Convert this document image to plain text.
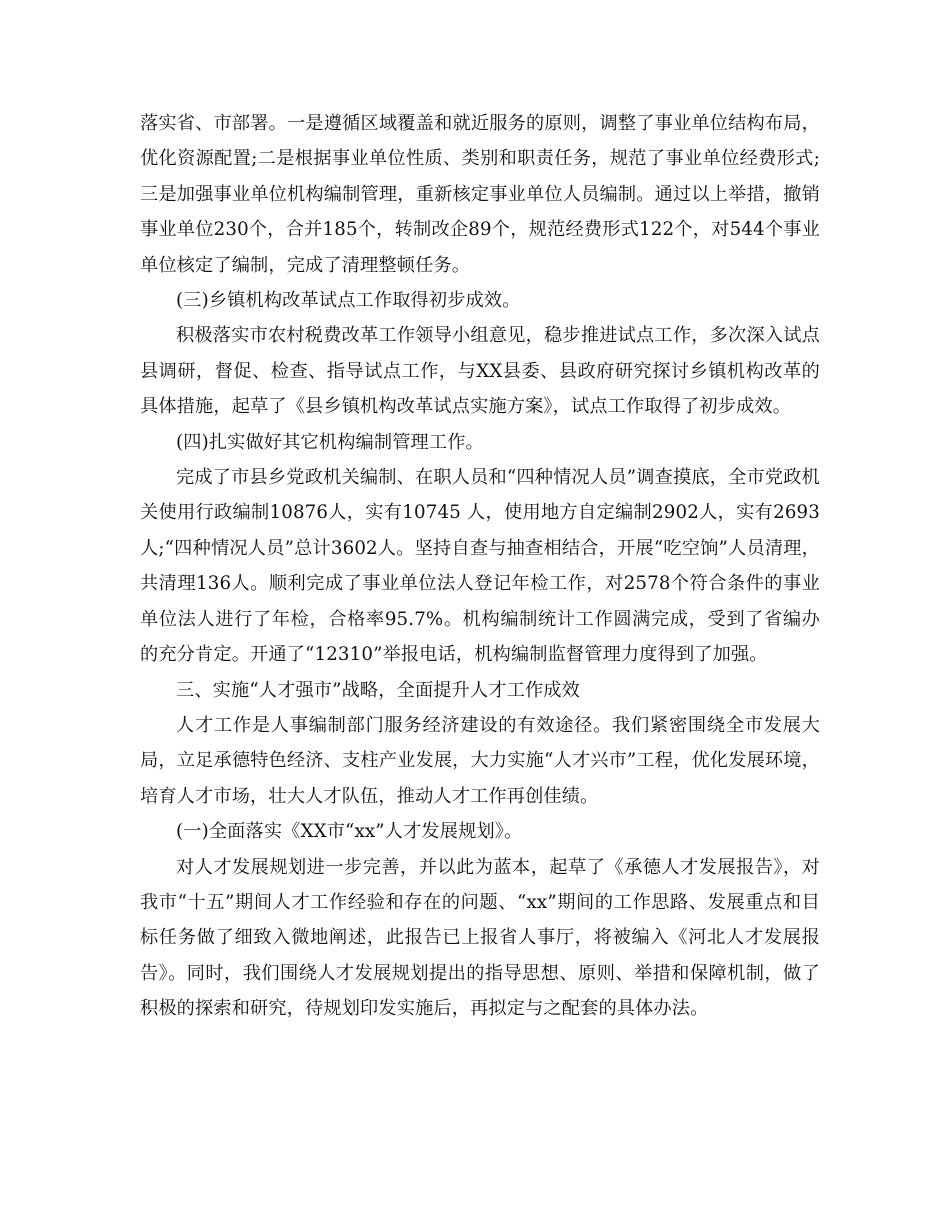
落实省、市部署。一是遵循区域覆盖和就近服务的原则，调整了事业单位结构布局，优化资源配置;二是根据事业单位性质、类别和职责任务，规范了事业单位经费形式;三是加强事业单位机构编制管理，重新核定事业单位人员编制。通过以上举措，撤销事业单位230个，合并185个，转制改企89个，规范经费形式122个，对544个事业单位核定了编制，完成了清理整顿任务。

(三)乡镇机构改革试点工作取得初步成效。

积极落实市农村税费改革工作领导小组意见，稳步推进试点工作，多次深入试点县调研，督促、检查、指导试点工作，与XX县委、县政府研究探讨乡镇机构改革的具体措施，起草了《县乡镇机构改革试点实施方案》，试点工作取得了初步成效。

(四)扎实做好其它机构编制管理工作。

完成了市县乡党政机关编制、在职人员和“四种情况人员”调查摸底，全市党政机关使用行政编制10876人，实有10745 人，使用地方自定编制2902人，实有2693人;“四种情况人员”总计3602人。坚持自查与抽查相结合，开展“吃空饷”人员清理，共清理136人。顺利完成了事业单位法人登记年检工作，对2578个符合条件的事业单位法人进行了年检，合格率95.7%。机构编制统计工作圆满完成，受到了省编办的充分肯定。开通了“12310”举报电话，机构编制监督管理力度得到了加强。

三、实施“人才强市”战略，全面提升人才工作成效

人才工作是人事编制部门服务经济建设的有效途径。我们紧密围绕全市发展大局，立足承德特色经济、支柱产业发展，大力实施“人才兴市”工程，优化发展环境，培育人才市场，壮大人才队伍，推动人才工作再创佳绩。

(一)全面落实《XX市“xx”人才发展规划》。

对人才发展规划进一步完善，并以此为蓝本，起草了《承德人才发展报告》，对我市“十五”期间人才工作经验和存在的问题、“xx”期间的工作思路、发展重点和目标任务做了细致入微地阐述，此报告已上报省人事厅，将被编入《河北人才发展报告》。同时，我们围绕人才发展规划提出的指导思想、原则、举措和保障机制，做了积极的探索和研究，待规划印发实施后，再拟定与之配套的具体办法。
